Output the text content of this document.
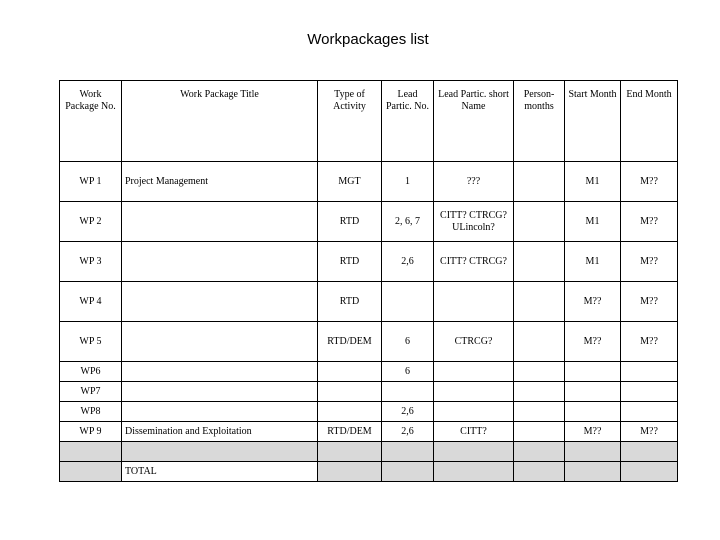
Workpackages list
Work Package No.	Work Package Title	Type of Activity	Lead Partic. No.	Lead Partic. short Name	Person-months	Start Month	End Month
WP 1	Project Management	MGT	1	???		M1	M??
WP 2		RTD	2, 6, 7	CITT? CTRCG? ULincoln?		M1	M??
WP 3		RTD	2,6	CITT? CTRCG?		M1	M??
WP 4		RTD				M??	M??
WP 5		RTD/DEM	6	CTRCG?		M??	M??
WP6			6				
WP7							
WP8			2,6				
WP 9	Dissemination and Exploitation	RTD/DEM	2,6	CITT?		M??	M??

	TOTAL						
